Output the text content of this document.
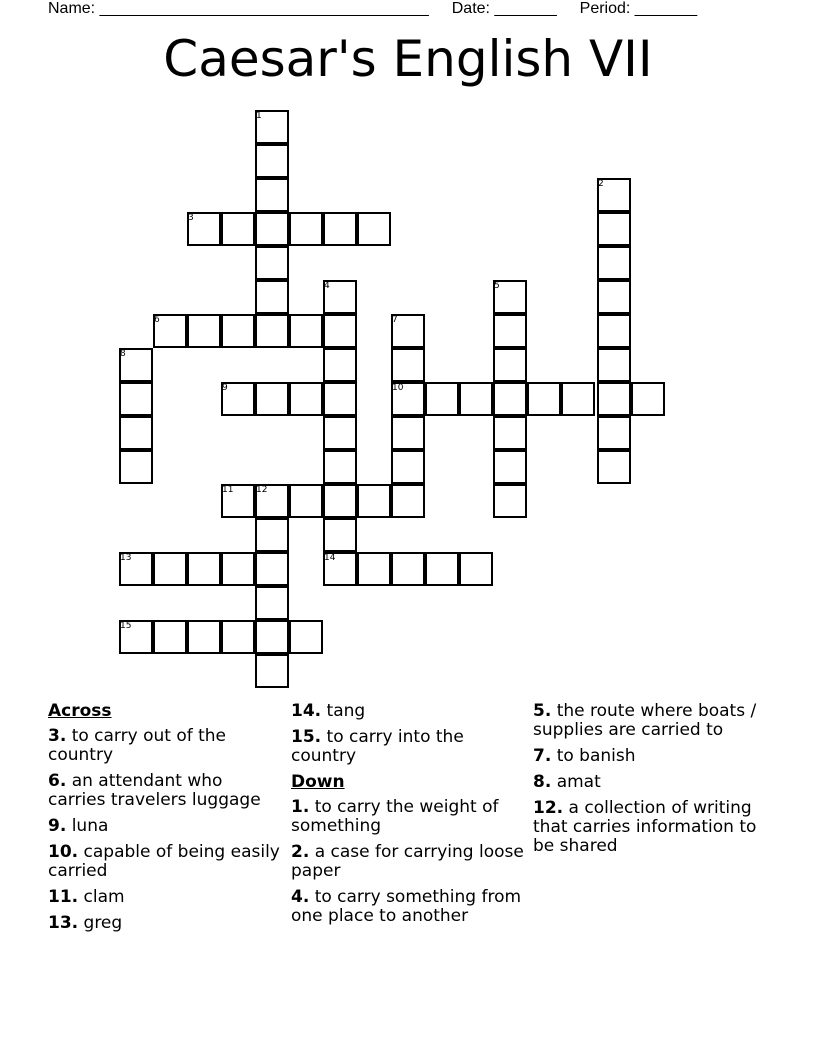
Name: _____________________________________ Date: _______ Period: _______
Caesar's English VII
1
2
3
4	5
6	7
8
9	10
11	12
13	14
15
Across
3. to carry out of the country
6. an attendant who carries travelers luggage
9. luna
10. capable of being easily carried
11. clam
13. greg
14. tang
15. to carry into the country
Down
1. to carry the weight of something
2. a case for carrying loose paper
4. to carry something from one place to another
5. the route where boats / supplies are carried to
7. to banish
8. amat
12. a collection of writing that carries information to be shared
